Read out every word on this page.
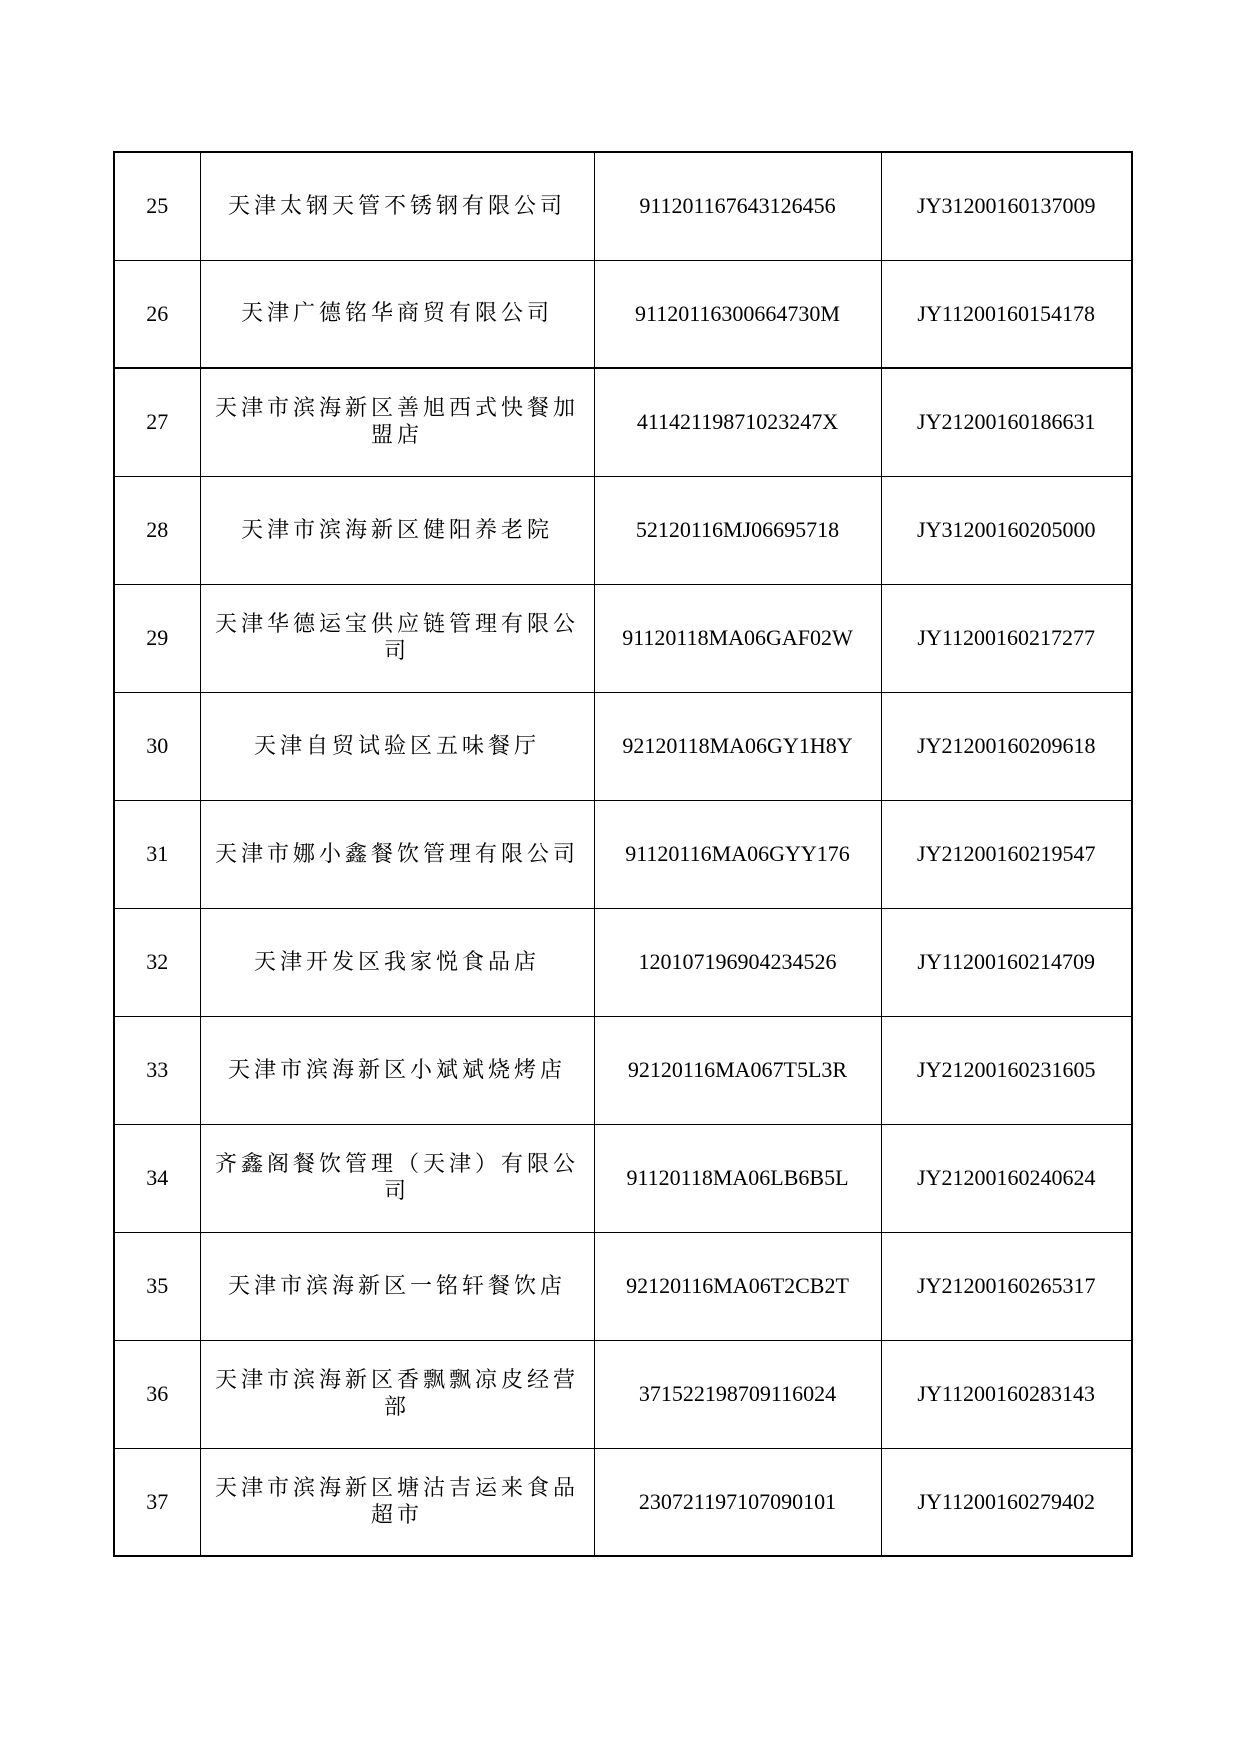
25	天津太钢天管不锈钢有限公司	911201167643126456	JY31200160137009
26	天津广德铭华商贸有限公司	91120116300664730M	JY11200160154178
27	天津市滨海新区善旭西式快餐加盟店	41142119871023247X	JY21200160186631
28	天津市滨海新区健阳养老院	52120116MJ06695718	JY31200160205000
29	天津华德运宝供应链管理有限公司	91120118MA06GAF02W	JY11200160217277
30	天津自贸试验区五味餐厅	92120118MA06GY1H8Y	JY21200160209618
31	天津市娜小鑫餐饮管理有限公司	91120116MA06GYY176	JY21200160219547
32	天津开发区我家悦食品店	120107196904234526	JY11200160214709
33	天津市滨海新区小斌斌烧烤店	92120116MA067T5L3R	JY21200160231605
34	齐鑫阁餐饮管理（天津）有限公司	91120118MA06LB6B5L	JY21200160240624
35	天津市滨海新区一铭轩餐饮店	92120116MA06T2CB2T	JY21200160265317
36	天津市滨海新区香飘飘凉皮经营部	371522198709116024	JY11200160283143
37	天津市滨海新区塘沽吉运来食品超市	230721197107090101	JY11200160279402
